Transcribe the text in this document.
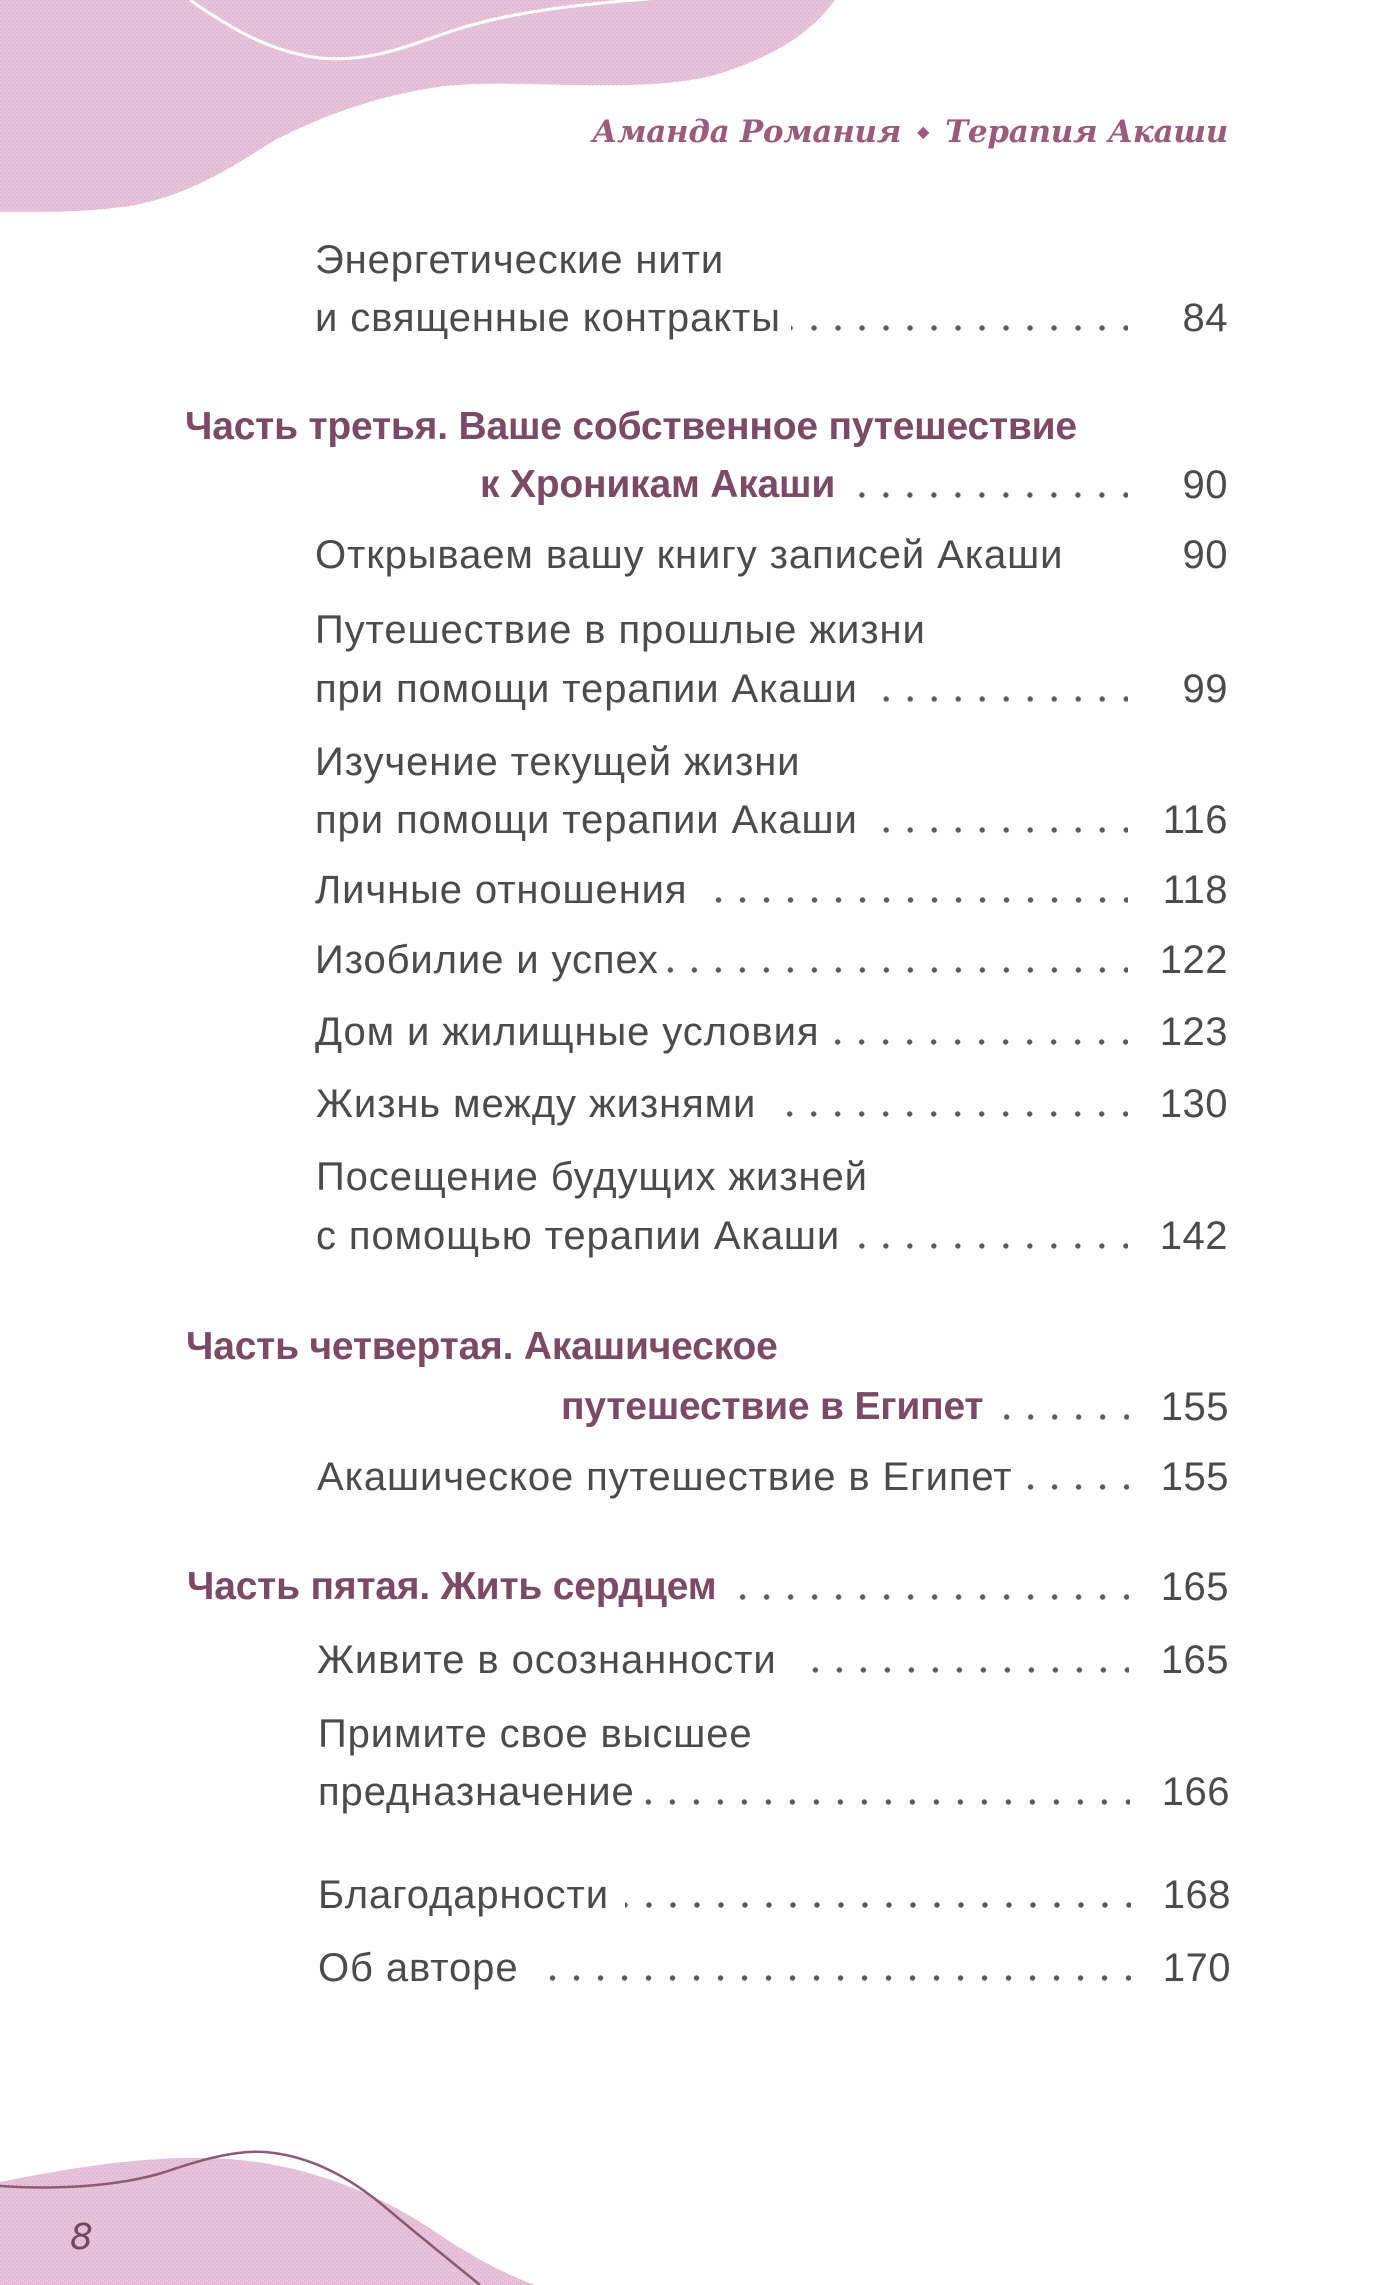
Аманда Романия ◆ Терапия Акаши
Энергетические нити
и священные контракты	84
Часть третья. Ваше собственное путешествие
к Хроникам Акаши	90
Открываем вашу книгу записей Акаши	90
Путешествие в прошлые жизни
при помощи терапии Акаши	99
Изучение текущей жизни
при помощи терапии Акаши	116
Личные отношения	118
Изобилие и успех	122
Дом и жилищные условия	123
Жизнь между жизнями	130
Посещение будущих жизней
с помощью терапии Акаши	142
Часть четвертая. Акашическое
путешествие в Египет	155
Акашическое путешествие в Египет	155
Часть пятая. Жить сердцем	165
Живите в осознанности	165
Примите свое высшее
предназначение	166
Благодарности	168
Об авторе	170
8
